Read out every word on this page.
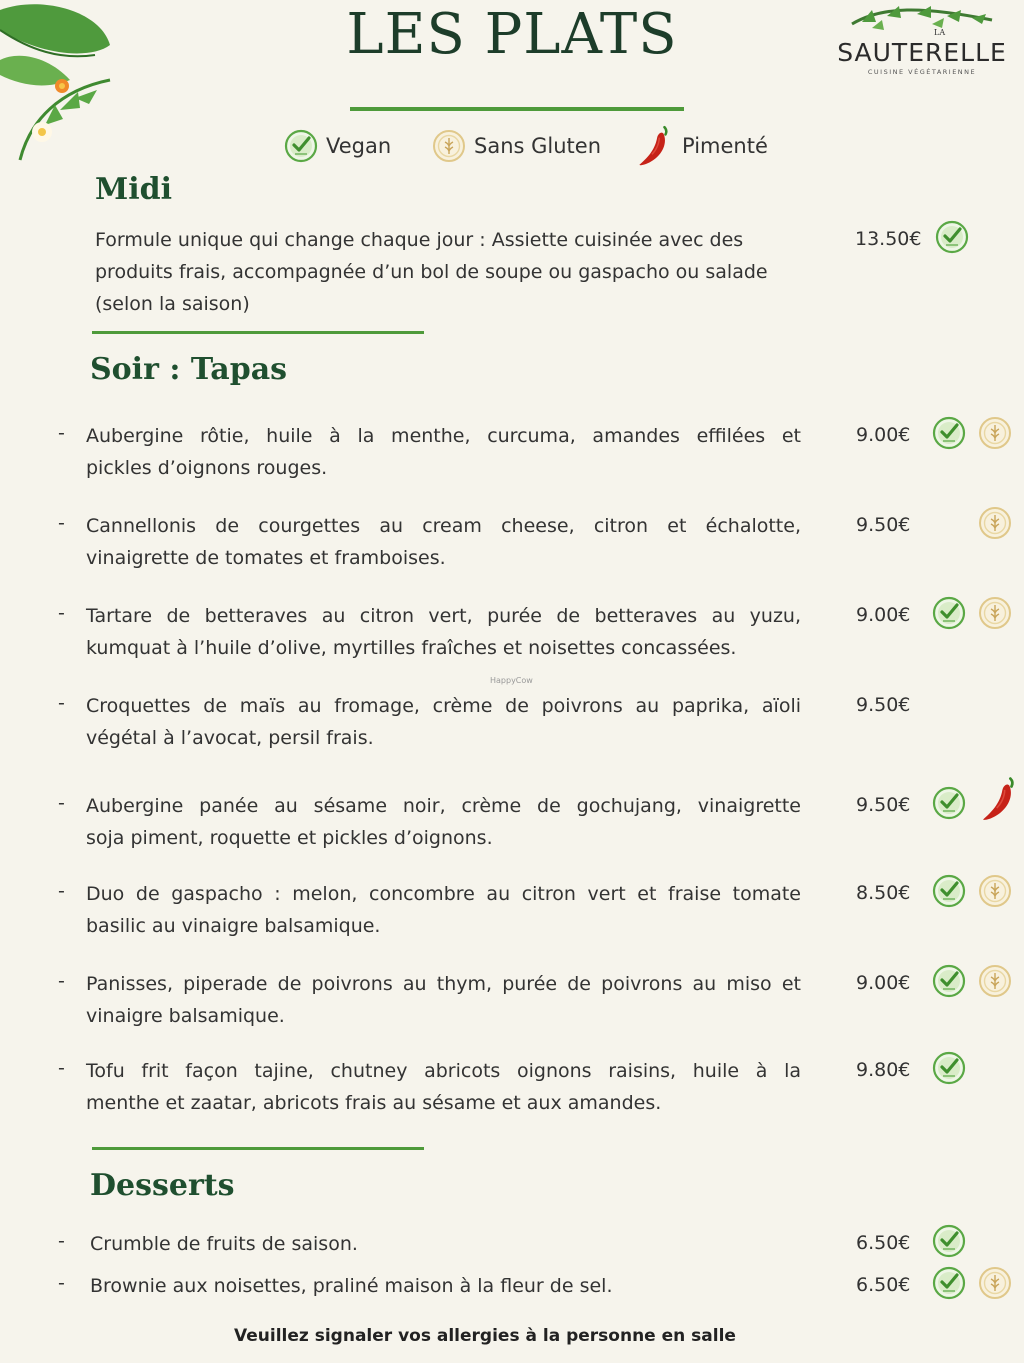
LA
SAUTERELLE
CUISINE VÉGÉTARIENNE
LES PLATS
Vegan	Sans Gluten	Pimenté
Midi
Formule unique qui change chaque jour : Assiette cuisinée avec des
produits frais, accompagnée d’un bol de soupe ou gaspacho ou salade
(selon la saison)
13.50€
Soir : Tapas
- Aubergine rôtie, huile à la menthe, curcuma, amandes effilées et
pickles d’oignons rouges.
9.00€
- Cannellonis de courgettes au cream cheese, citron et échalotte,
vinaigrette de tomates et framboises.
9.50€
- Tartare de betteraves au citron vert, purée de betteraves au yuzu,
kumquat à l’huile d’olive, myrtilles fraîches et noisettes concassées.
9.00€
- Croquettes de maïs au fromage, crème de poivrons au paprika, aïoli
végétal à l’avocat, persil frais.
9.50€
- Aubergine panée au sésame noir, crème de gochujang, vinaigrette
soja piment, roquette et pickles d’oignons.
9.50€
- Duo de gaspacho : melon, concombre au citron vert et fraise tomate
basilic au vinaigre balsamique.
8.50€
- Panisses, piperade de poivrons au thym, purée de poivrons au miso et
vinaigre balsamique.
9.00€
- Tofu frit façon tajine, chutney abricots oignons raisins, huile à la
menthe et zaatar, abricots frais au sésame et aux amandes.
9.80€
Desserts
- Crumble de fruits de saison.	6.50€
- Brownie aux noisettes, praliné maison à la fleur de sel.	6.50€
HappyCow
Veuillez signaler vos allergies à la personne en salle
